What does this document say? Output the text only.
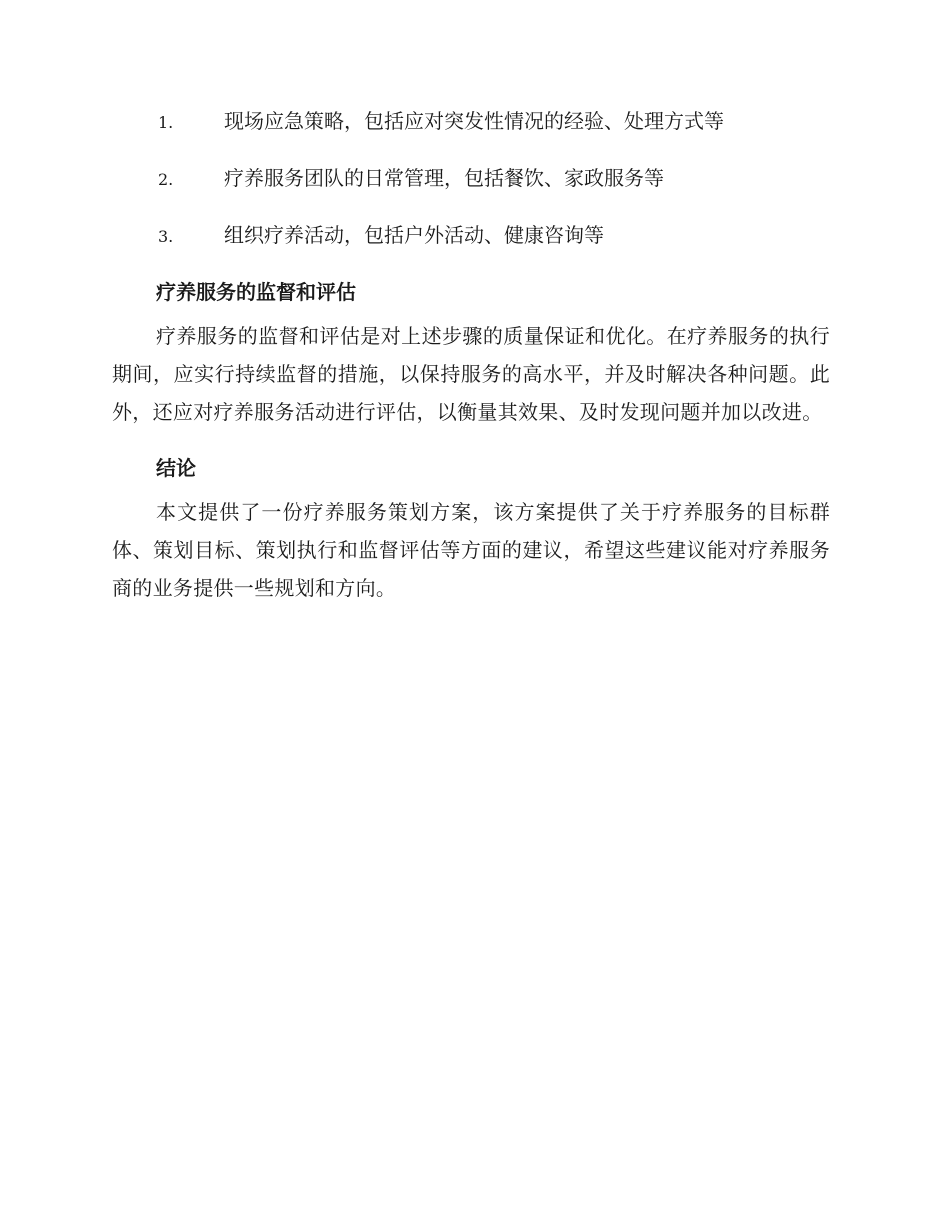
1.	现场应急策略，包括应对突发性情况的经验、处理方式等
2.	疗养服务团队的日常管理，包括餐饮、家政服务等
3.	组织疗养活动，包括户外活动、健康咨询等
疗养服务的监督和评估

疗养服务的监督和评估是对上述步骤的质量保证和优化。在疗养服务的执行期间，应实行持续监督的措施，以保持服务的高水平，并及时解决各种问题。此外，还应对疗养服务活动进行评估，以衡量其效果、及时发现问题并加以改进。

结论

本文提供了一份疗养服务策划方案，该方案提供了关于疗养服务的目标群体、策划目标、策划执行和监督评估等方面的建议，希望这些建议能对疗养服务商的业务提供一些规划和方向。
